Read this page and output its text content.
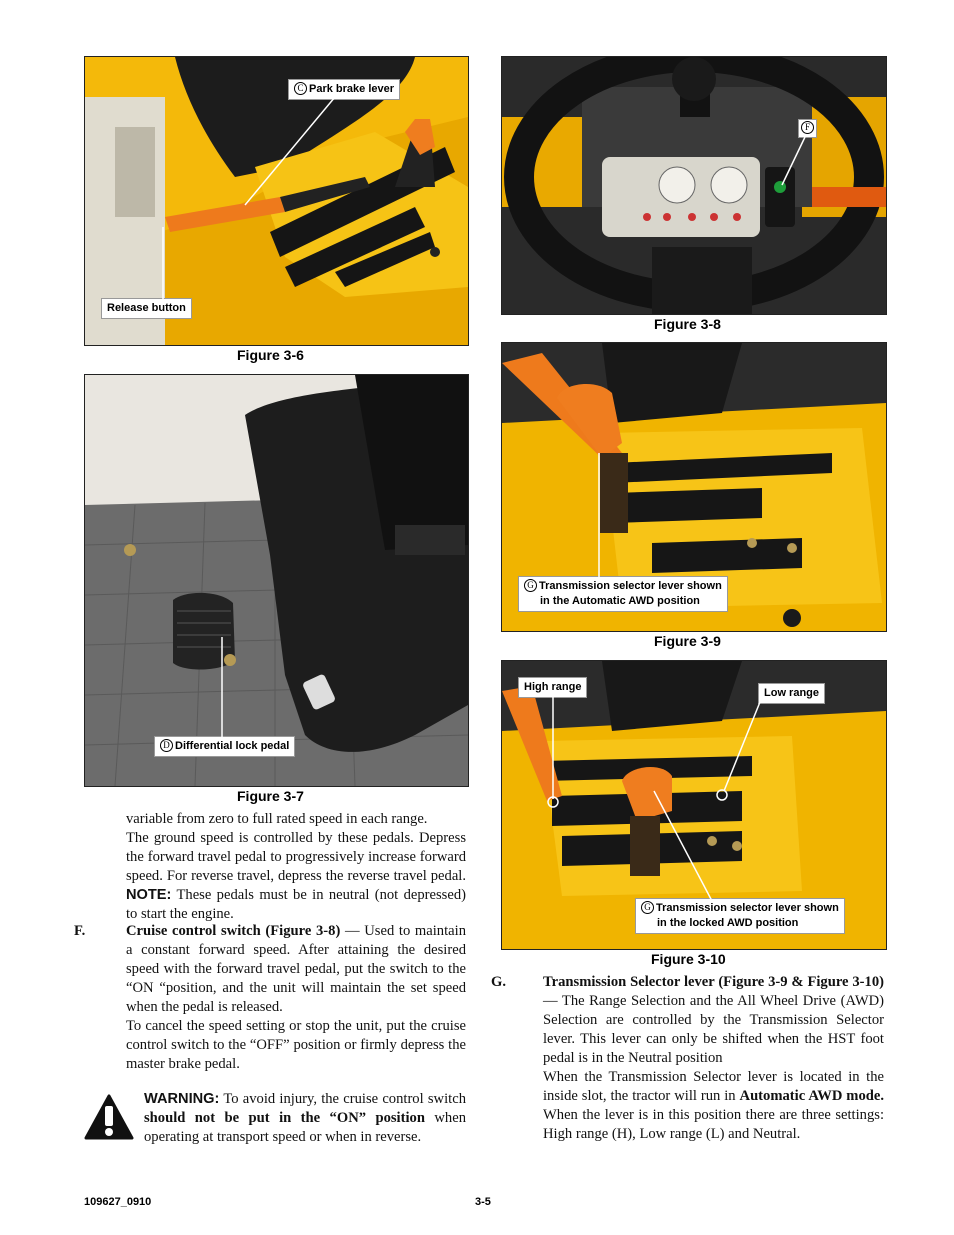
C Park brake lever
Release button
Figure 3-6
D Differential lock pedal
Figure 3-7
F
Figure 3-8
G Transmission selector lever shown
in the Automatic AWD position
Figure 3-9
High range	Low range
G Transmission selector lever shown
in the locked AWD position
Figure 3-10

variable from zero to full rated speed in each range.

The ground speed is controlled by these pedals. Depress the forward travel pedal to progressively increase forward speed. For reverse travel, depress the reverse travel pedal. NOTE: These pedals must be in neutral (not depressed) to start the engine.

F.	Cruise control switch (Figure 3-8) — Used to maintain a constant forward speed. After attaining the desired speed with the forward travel pedal, put the switch to the “ON “position, and the unit will maintain the set speed when the pedal is released.

To cancel the speed setting or stop the unit, put the cruise control switch to the “OFF” position or firmly depress the master brake pedal.

WARNING: To avoid injury, the cruise control switch should not be put in the “ON” position when operating at transport speed or when in reverse.

G.	Transmission Selector lever (Figure 3-9 & Figure 3-10) — The Range Selection and the All Wheel Drive (AWD) Selection are controlled by the Transmission Selector lever. This lever can only be shifted when the HST foot pedal is in the Neutral position

When the Transmission Selector lever is located in the inside slot, the tractor will run in Automatic AWD mode. When the lever is in this position there are three settings: High range (H), Low range (L) and Neutral.

109627_0910	3-5
